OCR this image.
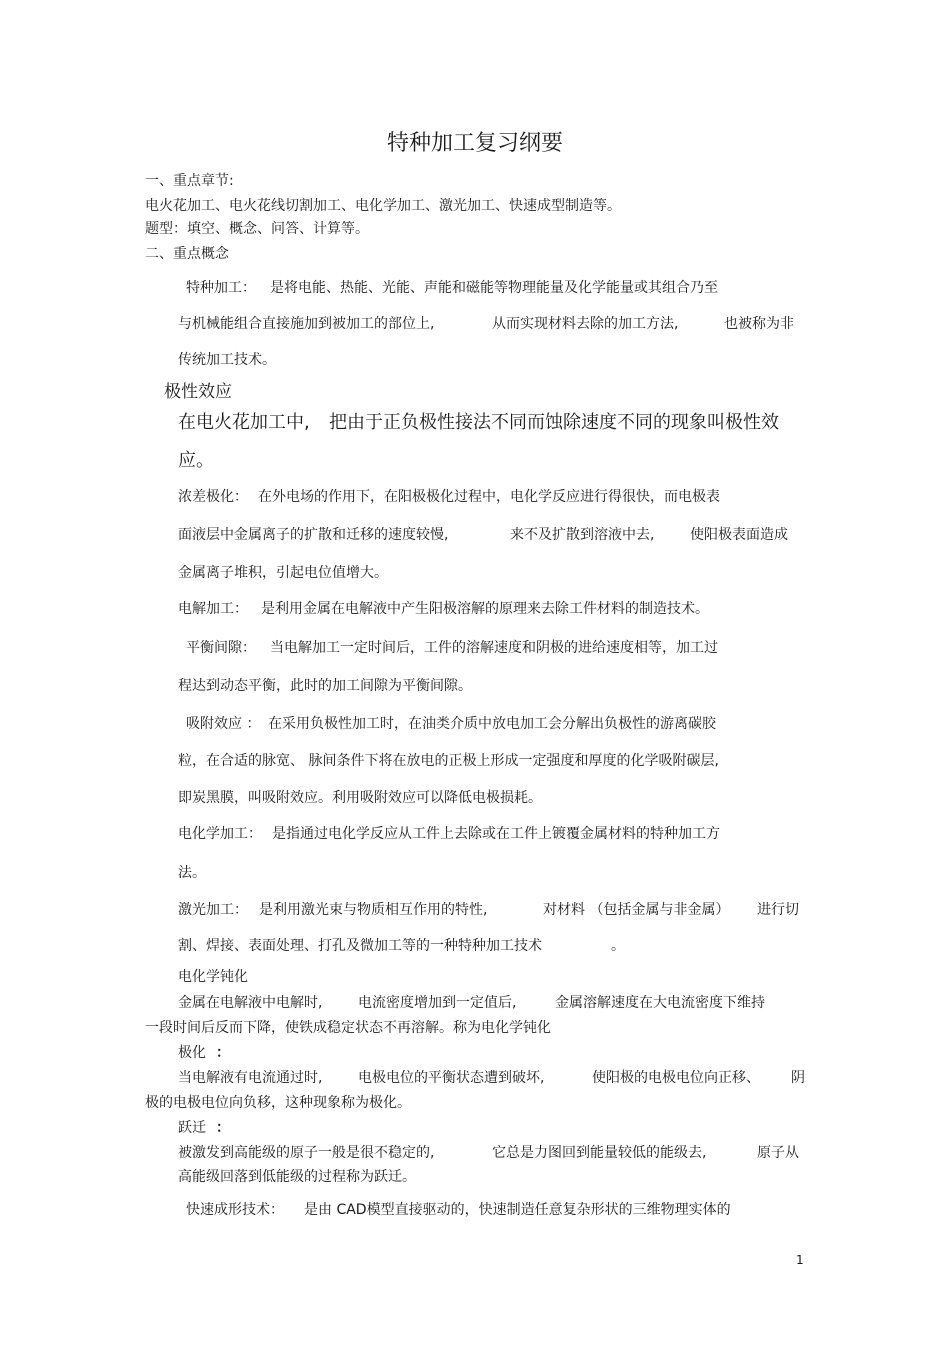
特种加工复习纲要
一、重点章节:
电火花加工、电火花线切割加工、电化学加工、激光加工、快速成型制造等。
题型：填空、概念、问答、计算等。
二、重点概念
特种加工： 是将电能、热能、光能、声能和磁能等物理能量及化学能量或其组合乃至
与机械能组合直接施加到被加工的部位上,	从而实现材料去除的加工方法,	也被称为非
传统加工技术。
极性效应
在电火花加工中, 把由于正负极性接法不同而蚀除速度不同的现象叫极性效
应。
浓差极化： 在外电场的作用下，在阳极极化过程中，电化学反应进行得很快，而电极表
面液层中金属离子的扩散和迁移的速度较慢,	来不及扩散到溶液中去,	使阳极表面造成
金属离子堆积，引起电位值增大。
电解加工： 是利用金属在电解液中产生阳极溶解的原理来去除工件材料的制造技术。
平衡间隙： 当电解加工一定时间后，工件的溶解速度和阴极的进给速度相等，加工过
程达到动态平衡，此时的加工间隙为平衡间隙。
吸附效应 ： 在采用负极性加工时，在油类介质中放电加工会分解出负极性的游离碳胶
粒，在合适的脉宽、 脉间条件下将在放电的正极上形成一定强度和厚度的化学吸附碳层,
即炭黑膜，叫吸附效应。利用吸附效应可以降低电极损耗。
电化学加工： 是指通过电化学反应从工件上去除或在工件上镀覆金属材料的特种加工方
法。
激光加工： 是利用激光束与物质相互作用的特性,	对材料 （包括金属与非金属） 进行切
割、焊接、表面处理、打孔及微加工等的一种特种加工技术	。
电化学钝化
金属在电解液中电解时,	电流密度增加到一定值后,	金属溶解速度在大电流密度下维持
一段时间后反而下降，使铁成稳定状态不再溶解。称为电化学钝化
极化 ：
当电解液有电流通过时,	电极电位的平衡状态遭到破坏,	使阳极的电极电位向正移、 阴
极的电极电位向负移，这种现象称为极化。
跃迁 ：
被激发到高能级的原子一般是很不稳定的,	它总是力图回到能量较低的能级去,	原子从
高能级回落到低能级的过程称为跃迁。
快速成形技术： 是由 CAD模型直接驱动的，快速制造任意复杂形状的三维物理实体的
1
